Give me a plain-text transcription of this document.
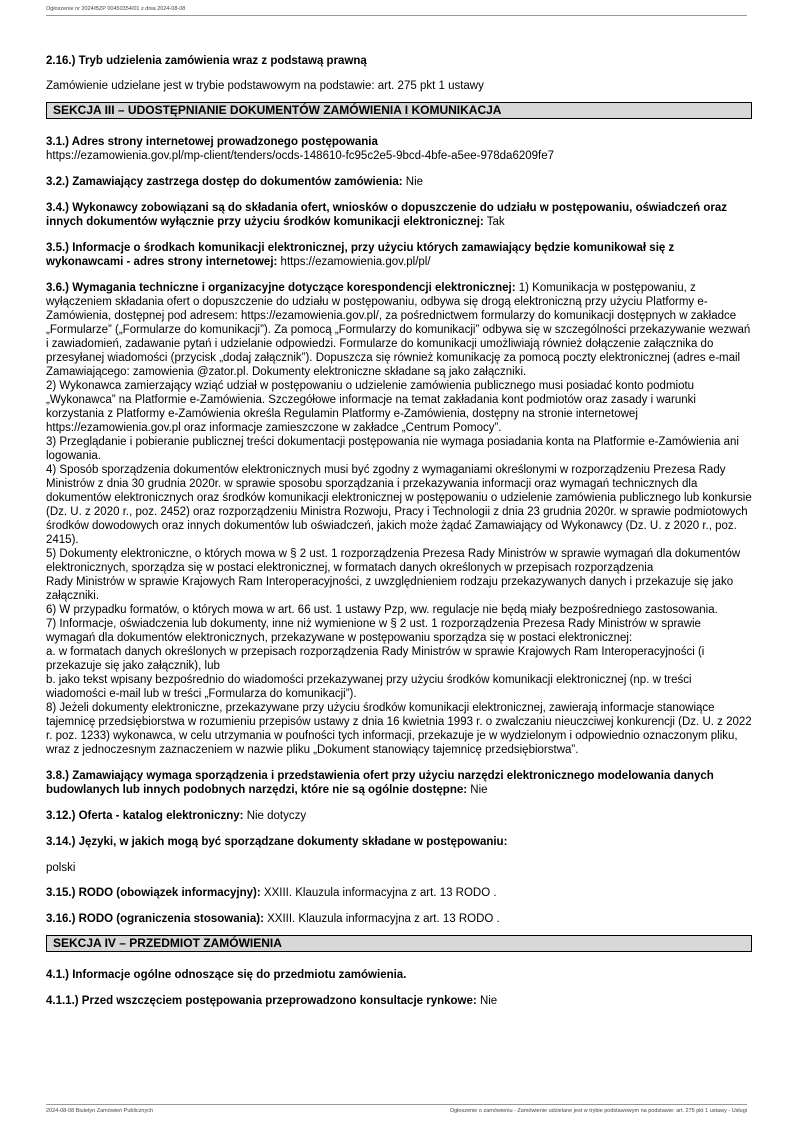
Ogłoszenie nr 2024/BZP 00450354/01 z dnia 2024-08-08

2.16.) Tryb udzielenia zamówienia wraz z podstawą prawną

Zamówienie udzielane jest w trybie podstawowym na podstawie: art. 275 pkt 1 ustawy

SEKCJA III – UDOSTĘPNIANIE DOKUMENTÓW ZAMÓWIENIA I KOMUNIKACJA

3.1.) Adres strony internetowej prowadzonego postępowania

https://ezamowienia.gov.pl/mp-client/tenders/ocds-148610-fc95c2e5-9bcd-4bfe-a5ee-978da6209fe7

3.2.) Zamawiający zastrzega dostęp do dokumentów zamówienia: Nie

3.4.) Wykonawcy zobowiązani są do składania ofert, wniosków o dopuszczenie do udziału w postępowaniu, oświadczeń oraz innych dokumentów wyłącznie przy użyciu środków komunikacji elektronicznej: Tak

3.5.) Informacje o środkach komunikacji elektronicznej, przy użyciu których zamawiający będzie komunikował się z wykonawcami - adres strony internetowej: https://ezamowienia.gov.pl/pl/

3.6.) Wymagania techniczne i organizacyjne dotyczące korespondencji elektronicznej: 1) Komunikacja w postępowaniu, z wyłączeniem składania ofert o dopuszczenie do udziału w postępowaniu, odbywa się drogą elektroniczną przy użyciu Platformy e-Zamówienia, dostępnej pod adresem: https://ezamowienia.gov.pl/, za pośrednictwem formularzy do komunikacji dostępnych w zakładce „Formularze” („Formularze do komunikacji”). Za pomocą „Formularzy do komunikacji” odbywa się w szczególności przekazywanie wezwań i zawiadomień, zadawanie pytań i udzielanie odpowiedzi. Formularze do komunikacji umożliwiają również dołączenie załącznika do przesyłanej wiadomości (przycisk „dodaj załącznik”). Dopuszcza się również komunikację za pomocą poczty elektronicznej (adres e-mail Zamawiającego: zamowienia @zator.pl. Dokumenty elektroniczne składane są jako załączniki.

2) Wykonawca zamierzający wziąć udział w postępowaniu o udzielenie zamówienia publicznego musi posiadać konto podmiotu „Wykonawca” na Platformie e-Zamówienia. Szczegółowe informacje na temat zakładania kont podmiotów oraz zasady i warunki korzystania z Platformy e-Zamówienia określa Regulamin Platformy e-Zamówienia, dostępny na stronie internetowej https://ezamowienia.gov.pl oraz informacje zamieszczone w zakładce „Centrum Pomocy”.

3) Przeglądanie i pobieranie publicznej treści dokumentacji postępowania nie wymaga posiadania konta na Platformie e-Zamówienia ani logowania.

4) Sposób sporządzenia dokumentów elektronicznych musi być zgodny z wymaganiami określonymi w rozporządzeniu Prezesa Rady Ministrów z dnia 30 grudnia 2020r. w sprawie sposobu sporządzania i przekazywania informacji oraz wymagań technicznych dla dokumentów elektronicznych oraz środków komunikacji elektronicznej w postępowaniu o udzielenie zamówienia publicznego lub konkursie (Dz. U. z 2020 r., poz. 2452) oraz rozporządzeniu Ministra Rozwoju, Pracy i Technologii z dnia 23 grudnia 2020r. w sprawie podmiotowych środków dowodowych oraz innych dokumentów lub oświadczeń, jakich może żądać Zamawiający od Wykonawcy (Dz. U. z 2020 r., poz. 2415).

5) Dokumenty elektroniczne, o których mowa w § 2 ust. 1 rozporządzenia Prezesa Rady Ministrów w sprawie wymagań dla dokumentów elektronicznych, sporządza się w postaci elektronicznej, w formatach danych określonych w przepisach rozporządzenia

Rady Ministrów w sprawie Krajowych Ram Interoperacyjności, z uwzględnieniem rodzaju przekazywanych danych i przekazuje się jako załączniki.

6) W przypadku formatów, o których mowa w art. 66 ust. 1 ustawy Pzp, ww. regulacje nie będą miały bezpośredniego zastosowania.

7) Informacje, oświadczenia lub dokumenty, inne niż wymienione w § 2 ust. 1 rozporządzenia Prezesa Rady Ministrów w sprawie wymagań dla dokumentów elektronicznych, przekazywane w postępowaniu sporządza się w postaci elektronicznej:

a. w formatach danych określonych w przepisach rozporządzenia Rady Ministrów w sprawie Krajowych Ram Interoperacyjności (i przekazuje się jako załącznik), lub

b. jako tekst wpisany bezpośrednio do wiadomości przekazywanej przy użyciu środków komunikacji elektronicznej (np. w treści wiadomości e-mail lub w treści „Formularza do komunikacji”).

8) Jeżeli dokumenty elektroniczne, przekazywane przy użyciu środków komunikacji elektronicznej, zawierają informacje stanowiące tajemnicę przedsiębiorstwa w rozumieniu przepisów ustawy z dnia 16 kwietnia 1993 r. o zwalczaniu nieuczciwej konkurencji (Dz. U. z 2022 r. poz. 1233) wykonawca, w celu utrzymania w poufności tych informacji, przekazuje je w wydzielonym i odpowiednio oznaczonym pliku, wraz z jednoczesnym zaznaczeniem w nazwie pliku „Dokument stanowiący tajemnicę przedsiębiorstwa”.

3.8.) Zamawiający wymaga sporządzenia i przedstawienia ofert przy użyciu narzędzi elektronicznego modelowania danych budowlanych lub innych podobnych narzędzi, które nie są ogólnie dostępne: Nie

3.12.) Oferta - katalog elektroniczny: Nie dotyczy

3.14.) Języki, w jakich mogą być sporządzane dokumenty składane w postępowaniu:

polski

3.15.) RODO (obowiązek informacyjny): XXIII. Klauzula informacyjna z art. 13 RODO .

3.16.) RODO (ograniczenia stosowania): XXIII. Klauzula informacyjna z art. 13 RODO .

SEKCJA IV – PRZEDMIOT ZAMÓWIENIA

4.1.) Informacje ogólne odnoszące się do przedmiotu zamówienia.

4.1.1.) Przed wszczęciem postępowania przeprowadzono konsultacje rynkowe: Nie

2024-08-08 Biuletyn Zamówień Publicznych	Ogłoszenie o zamówieniu - Zamówienie udzielane jest w trybie podstawowym na podstawie: art. 275 pkt 1 ustawy - Usługi
